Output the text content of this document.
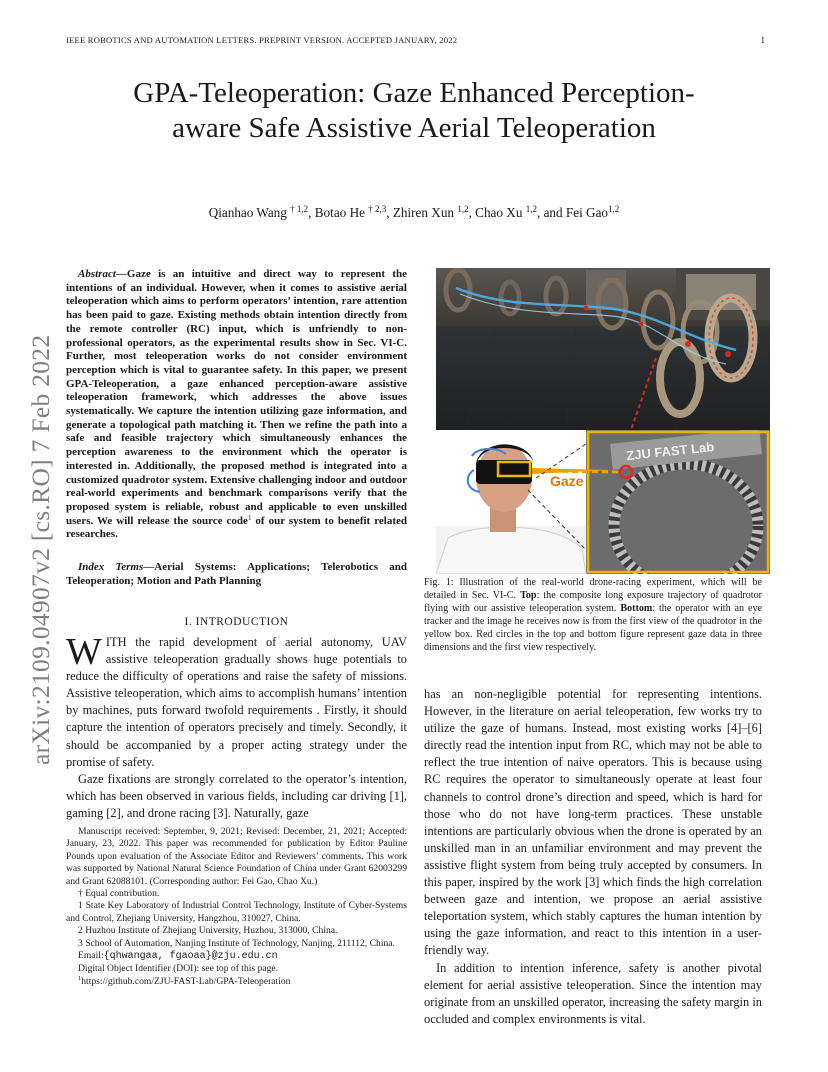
IEEE ROBOTICS AND AUTOMATION LETTERS. PREPRINT VERSION. ACCEPTED JANUARY, 2022	1
arXiv:2109.04907v2 [cs.RO] 7 Feb 2022
GPA-Teleoperation: Gaze Enhanced Perception-aware Safe Assistive Aerial Teleoperation
Qianhao Wang $^{\dagger 1,2}$, Botao He $^{\dagger 2,3}$, Zhiren Xun $^{1,2}$, Chao Xu $^{1,2}$, and Fei Gao$^{1,2}$
Abstract—Gaze is an intuitive and direct way to represent the intentions of an individual. However, when it comes to assistive aerial teleoperation which aims to perform operators’ intention, rare attention has been paid to gaze. Existing methods obtain intention directly from the remote controller (RC) input, which is unfriendly to non-professional operators, as the experimental results show in Sec. VI-C. Further, most teleoperation works do not consider environment perception which is vital to guarantee safety. In this paper, we present GPA-Teleoperation, a gaze enhanced perception-aware assistive teleoperation framework, which addresses the above issues systematically. We capture the intention utilizing gaze information, and generate a topological path matching it. Then we refine the path into a safe and feasible trajectory which simultaneously enhances the perception awareness to the environment which the operator is interested in. Additionally, the proposed method is integrated into a customized quadrotor system. Extensive challenging indoor and outdoor real-world experiments and benchmark comparisons verify that the proposed system is reliable, robust and applicable to even unskilled users. We will release the source code$^1$ of our system to benefit related researches.
Index Terms—Aerial Systems: Applications; Telerobotics and Teleoperation; Motion and Path Planning
I. INTRODUCTION

WITH the rapid development of aerial autonomy, UAV assistive teleoperation gradually shows huge potentials to reduce the difficulty of operations and raise the safety of missions. Assistive teleoperation, which aims to accomplish humans’ intention by machines, puts forward twofold requirements . Firstly, it should capture the intention of operators precisely and timely. Secondly, it should be accompanied by a proper acting strategy under the promise of safety.

Gaze fixations are strongly correlated to the operator’s intention, which has been observed in various fields, including car driving [1], gaming [2], and drone racing [3]. Naturally, gaze

Manuscript received: September, 9, 2021; Revised: December, 21, 2021; Accepted: January, 23, 2022. This paper was recommended for publication by Editor Pauline Pounds upon evaluation of the Associate Editor and Reviewers’ comments. This work was supported by National Natural Science Foundation of China under Grant 62003299 and Grant 62088101. (Corresponding author: Fei Gao, Chao Xu.)

† Equal contribution.

1 State Key Laboratory of Industrial Control Technology, Institute of Cyber-Systems and Control, Zhejiang University, Hangzhou, 310027, China.

2 Huzhou Institute of Zhejiang University, Huzhou, 313000, China.

3 School of Automation, Nanjing Institute of Technology, Nanjing, 211112, China.

Email:{qhwangaa, fgaoaa}@zju.edu.cn

Digital Object Identifier (DOI): see top of this page.

$^1$https://github.com/ZJU-FAST-Lab/GPA-Teleoperation

ZJU FAST Lab
Gaze
Fig. 1: Illustration of the real-world drone-racing experiment, which will be detailed in Sec. VI-C. Top: the composite long exposure trajectory of quadrotor flying with our assistive teleoperation system. Bottom: the operator with an eye tracker and the image he receives now is from the first view of the quadrotor in the yellow box. Red circles in the top and bottom figure represent gaze data in three dimensions and the first view respectively.

has an non-negligible potential for representing intentions. However, in the literature on aerial teleoperation, few works try to utilize the gaze of humans. Instead, most existing works [4]–[6] directly read the intention input from RC, which may not be able to reflect the true intention of naive operators. This is because using RC requires the operator to simultaneously operate at least four channels to control drone’s direction and speed, which is hard for those who do not have long-term practices. These unstable intentions are particularly obvious when the drone is operated by an unskilled man in an unfamiliar environment and may prevent the assistive flight system from being truly accepted by consumers. In this paper, inspired by the work [3] which finds the high correlation between gaze and intention, we propose an aerial assistive teleportation system, which stably captures the human intention by using the gaze information, and react to this intention in a user-friendly way.

In addition to intention inference, safety is another pivotal element for aerial assistive teleoperation. Since the intention may originate from an unskilled operator, increasing the safety margin in occluded and complex environments is vital.
